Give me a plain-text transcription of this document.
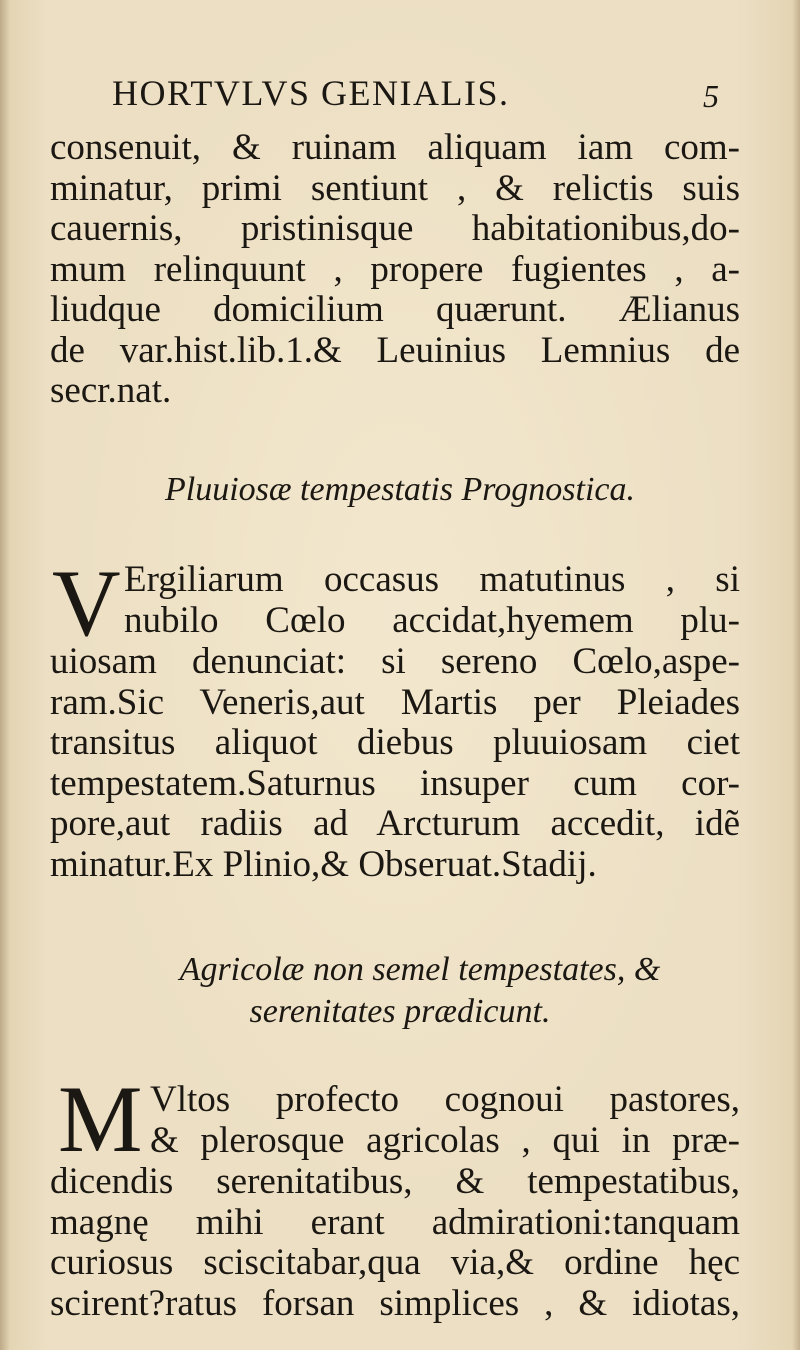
HORTVLVS GENIALIS.	5
consenuit, & ruinam aliquam iam com-
minatur, primi sentiunt , & relictis suis
cauernis, pristinisque habitationibus,do-
mum relinquunt , propere fugientes , a-
liudque domicilium quærunt. Ælianus
de var.hist.lib.1.& Leuinius Lemnius de
secr.nat.
Pluuiosæ tempestatis Prognostica.
V Ergiliarum occasus matutinus , si
nubilo Cœlo accidat,hyemem plu-
uiosam denunciat: si sereno Cœlo,aspe-
ram.Sic Veneris,aut Martis per Pleiades
transitus aliquot diebus pluuiosam ciet
tempestatem.Saturnus insuper cum cor-
pore,aut radiis ad Arcturum accedit, idẽ
minatur.Ex Plinio,& Obseruat.Stadij.
Agricolæ non semel tempestates, &
serenitates prædicunt.
M Vltos profecto cognoui pastores,
& plerosque agricolas , qui in præ-
dicendis serenitatibus, & tempestatibus,
magnę mihi erant admirationi:tanquam
curiosus sciscitabar,qua via,& ordine hęc
scirent?ratus forsan simplices , & idiotas,
